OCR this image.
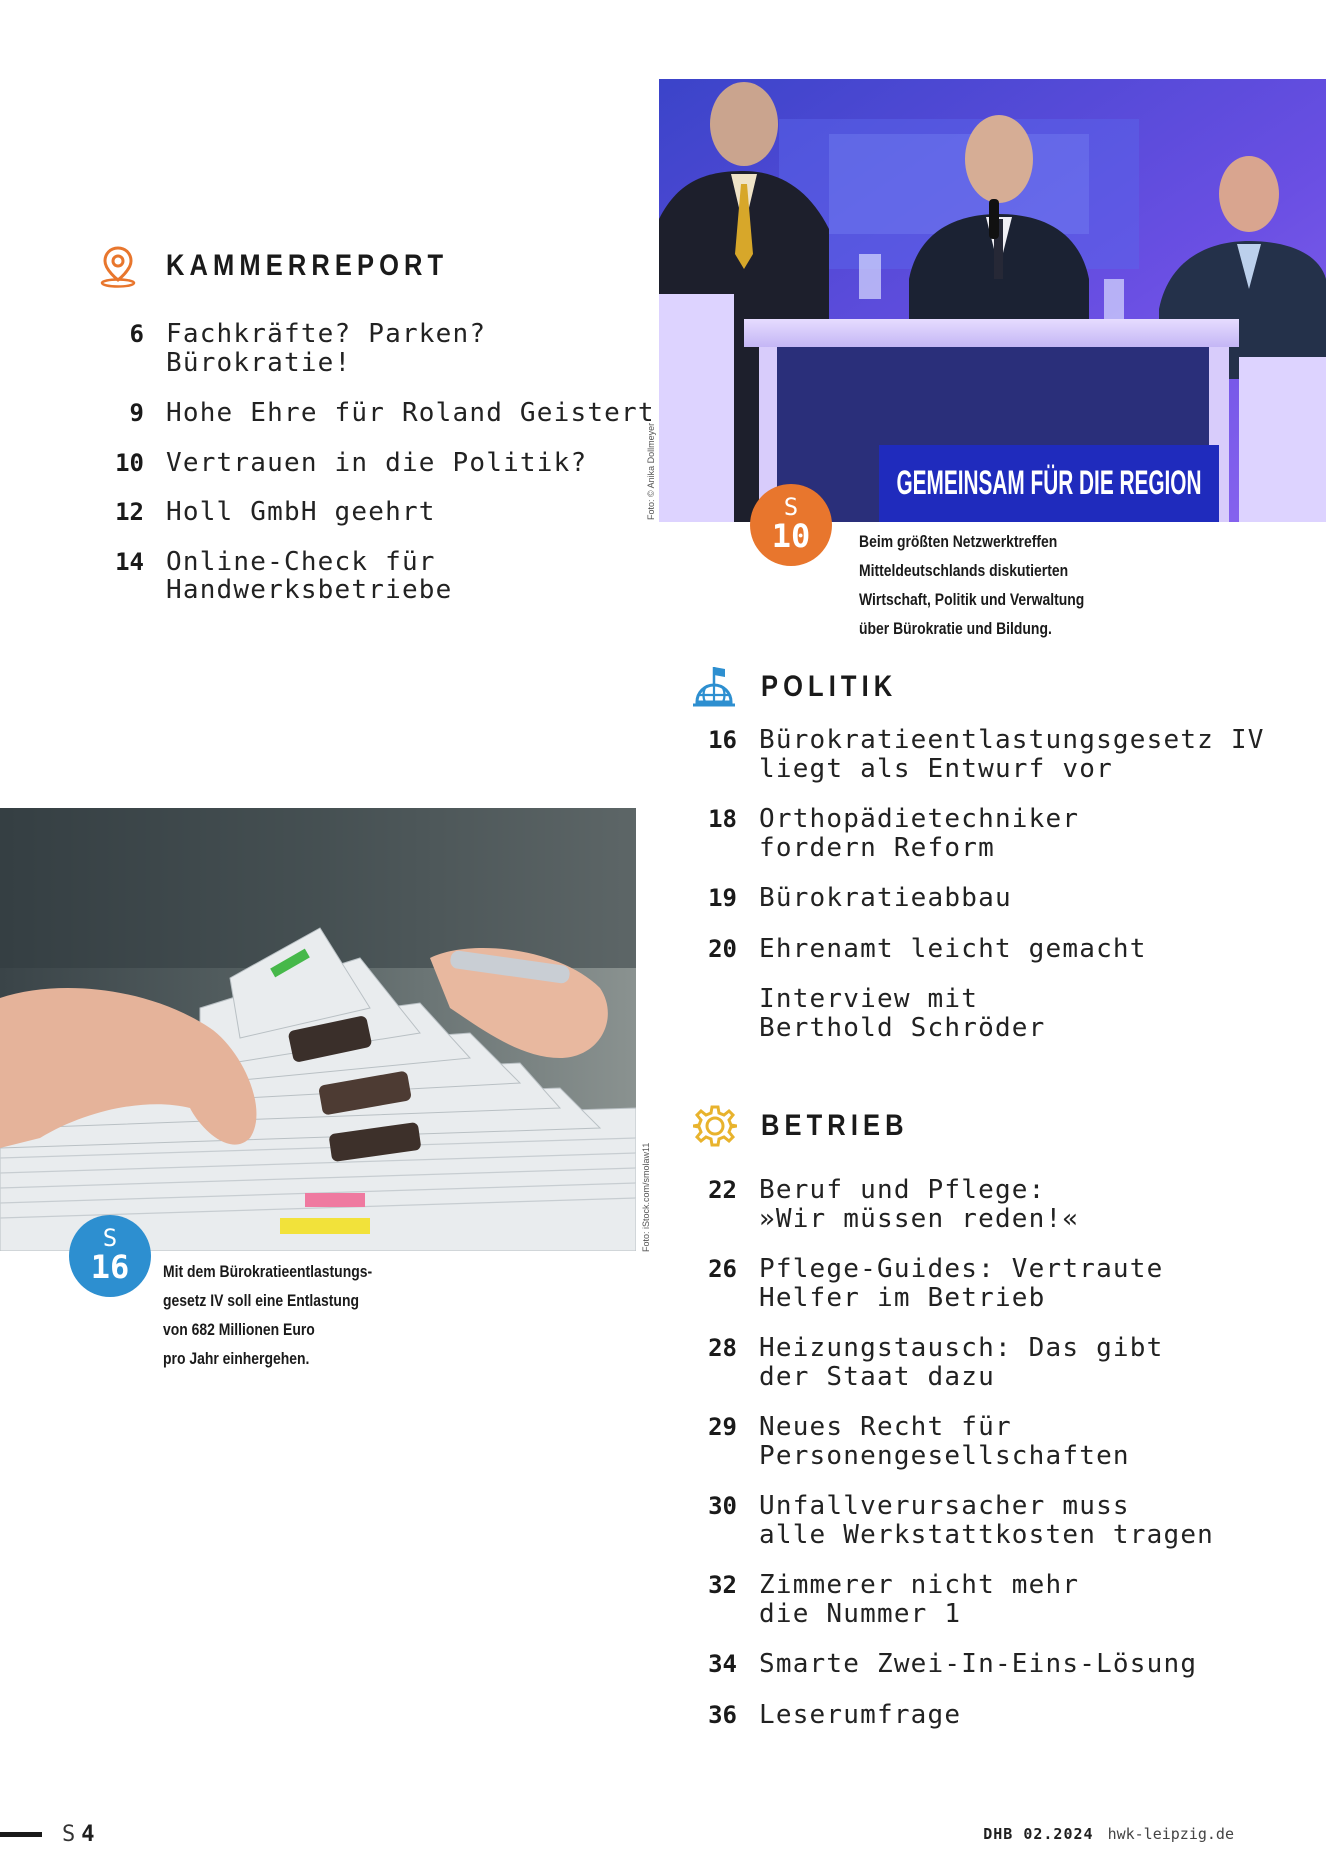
KAMMERREPORT
6 Fachkräfte? Parken?
Bürokratie!
9 Hohe Ehre für Roland Geistert
10 Vertrauen in die Politik?
12 Holl GmbH geehrt
14 Online-Check für
Handwerksbetriebe
GEMEINSAM FÜR DIE REGION
Foto: © Anika Dollmeyer	S
10	Beim größten Netzwerktreffen
Mitteldeutschlands diskutierten
Wirtschaft, Politik und Verwaltung
über Bürokratie und Bildung.
POLITIK
16 Bürokratieentlastungsgesetz IV
liegt als Entwurf vor
18 Orthopädietechniker
fordern Reform
19 Bürokratieabbau
20 Ehrenamt leicht gemacht
Interview mit
Berthold Schröder
Foto: iStock.com/smolaw11
S
16	Mit dem Bürokratieentlastungs-
gesetz IV soll eine Entlastung
von 682 Millionen Euro
pro Jahr einhergehen.
BETRIEB
22 Beruf und Pflege:
»Wir müssen reden!«
26 Pflege-Guides: Vertraute
Helfer im Betrieb
28 Heizungstausch: Das gibt
der Staat dazu
29 Neues Recht für
Personengesellschaften
30 Unfallverursacher muss
alle Werkstattkosten tragen
32 Zimmerer nicht mehr
die Nummer 1
34 Smarte Zwei-In-Eins-Lösung
36 Leserumfrage
S 4	DHB 02.2024 hwk-leipzig.de
